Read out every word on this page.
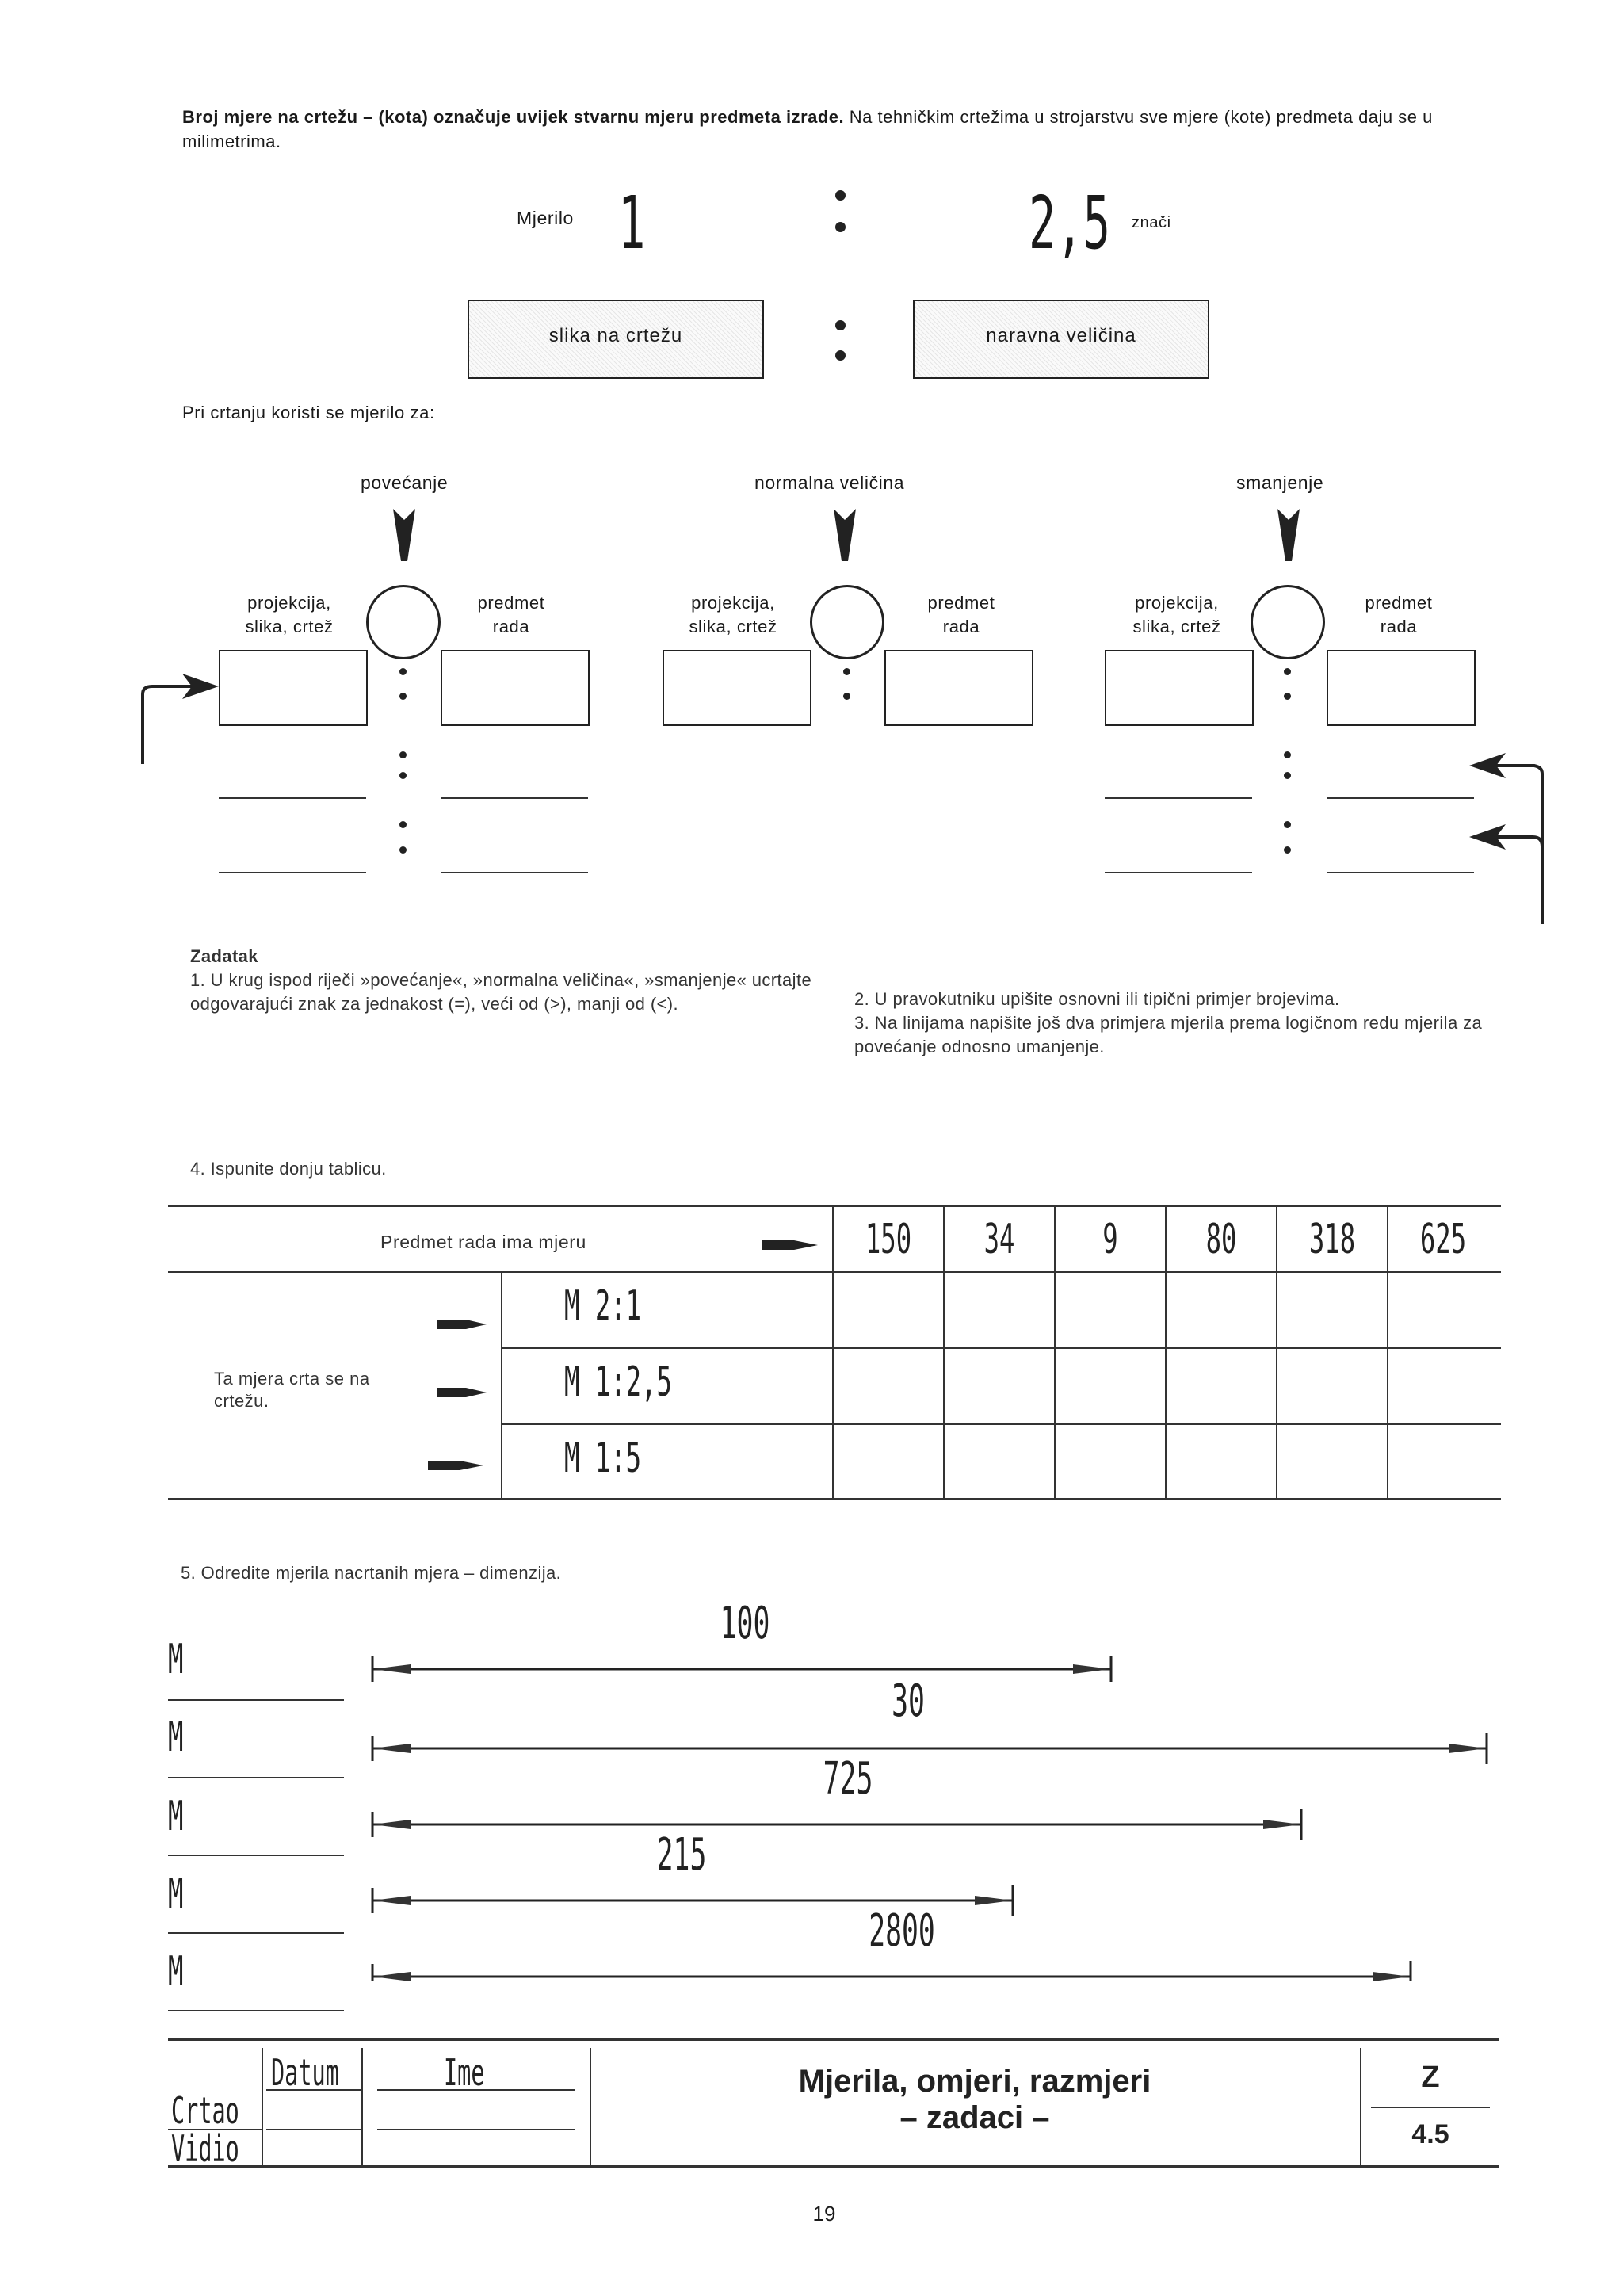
Broj mjere na crtežu – (kota) označuje uvijek stvarnu mjeru predmeta izrade. Na tehničkim crtežima u strojarstvu sve mjere (kote) predmeta daju se u milimetrima.
Mjerilo 1	2,5 znači
slika na crtežu	naravna veličina
Pri crtanju koristi se mjerilo za:
povećanje
projekcija,
slika, crtež
predmet
rada
normalna veličina
projekcija,
slika, crtež
predmet
rada
smanjenje
projekcija,
slika, crtež
predmet
rada
Zadatak
1. U krug ispod riječi »povećanje«, »normalna veličina«, »smanjenje« ucrtajte odgovarajući znak za jednakost (=), veći od (>), manji od (<).	2. U pravokutniku upišite osnovni ili tipični primjer brojevima.
3. Na linijama napišite još dva primjera mjerila prema logičnom redu mjerila za povećanje odnosno umanjenje.
4. Ispunite donju tablicu.
Predmet rada ima mjeru	150	34	9	80	318 625
Ta mjera crta se na crtežu.
M 2:1
M 1:2,5
M 1:5
5. Odredite mjerila nacrtanih mjera – dimenzija.
M
M
M
M
M
100
30
725
215
2800
Datum	Ime
Crtao
Vidio
Mjerila, omjeri, razmjeri
– zadaci –
Z
4.5
19
